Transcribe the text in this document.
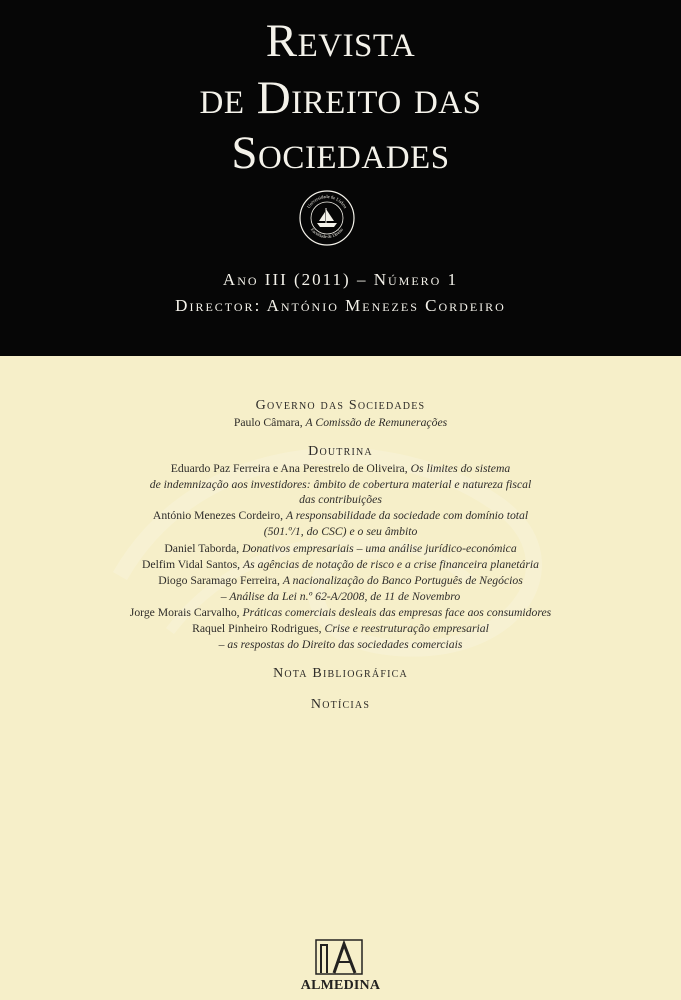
Revista
de Direito das
Sociedades
Universidade de Lisboa
Faculdade de Direito
Ano III (2011) – Número 1
Director: António Menezes Cordeiro
Governo das Sociedades
Paulo Câmara, A Comissão de Remunerações
Doutrina
Eduardo Paz Ferreira e Ana Perestrelo de Oliveira, Os limites do sistema
de indemnização aos investidores: âmbito de cobertura material e natureza fiscal
das contribuições
António Menezes Cordeiro, A responsabilidade da sociedade com domínio total
(501.º/1, do CSC) e o seu âmbito
Daniel Taborda, Donativos empresariais – uma análise jurídico-económica
Delfim Vidal Santos, As agências de notação de risco e a crise financeira planetária
Diogo Saramago Ferreira, A nacionalização do Banco Português de Negócios
– Análise da Lei n.º 62-A/2008, de 11 de Novembro
Jorge Morais Carvalho, Práticas comerciais desleais das empresas face aos consumidores
Raquel Pinheiro Rodrigues, Crise e reestruturação empresarial
– as respostas do Direito das sociedades comerciais
Nota Bibliográfica
Notícias
ALMEDINA
